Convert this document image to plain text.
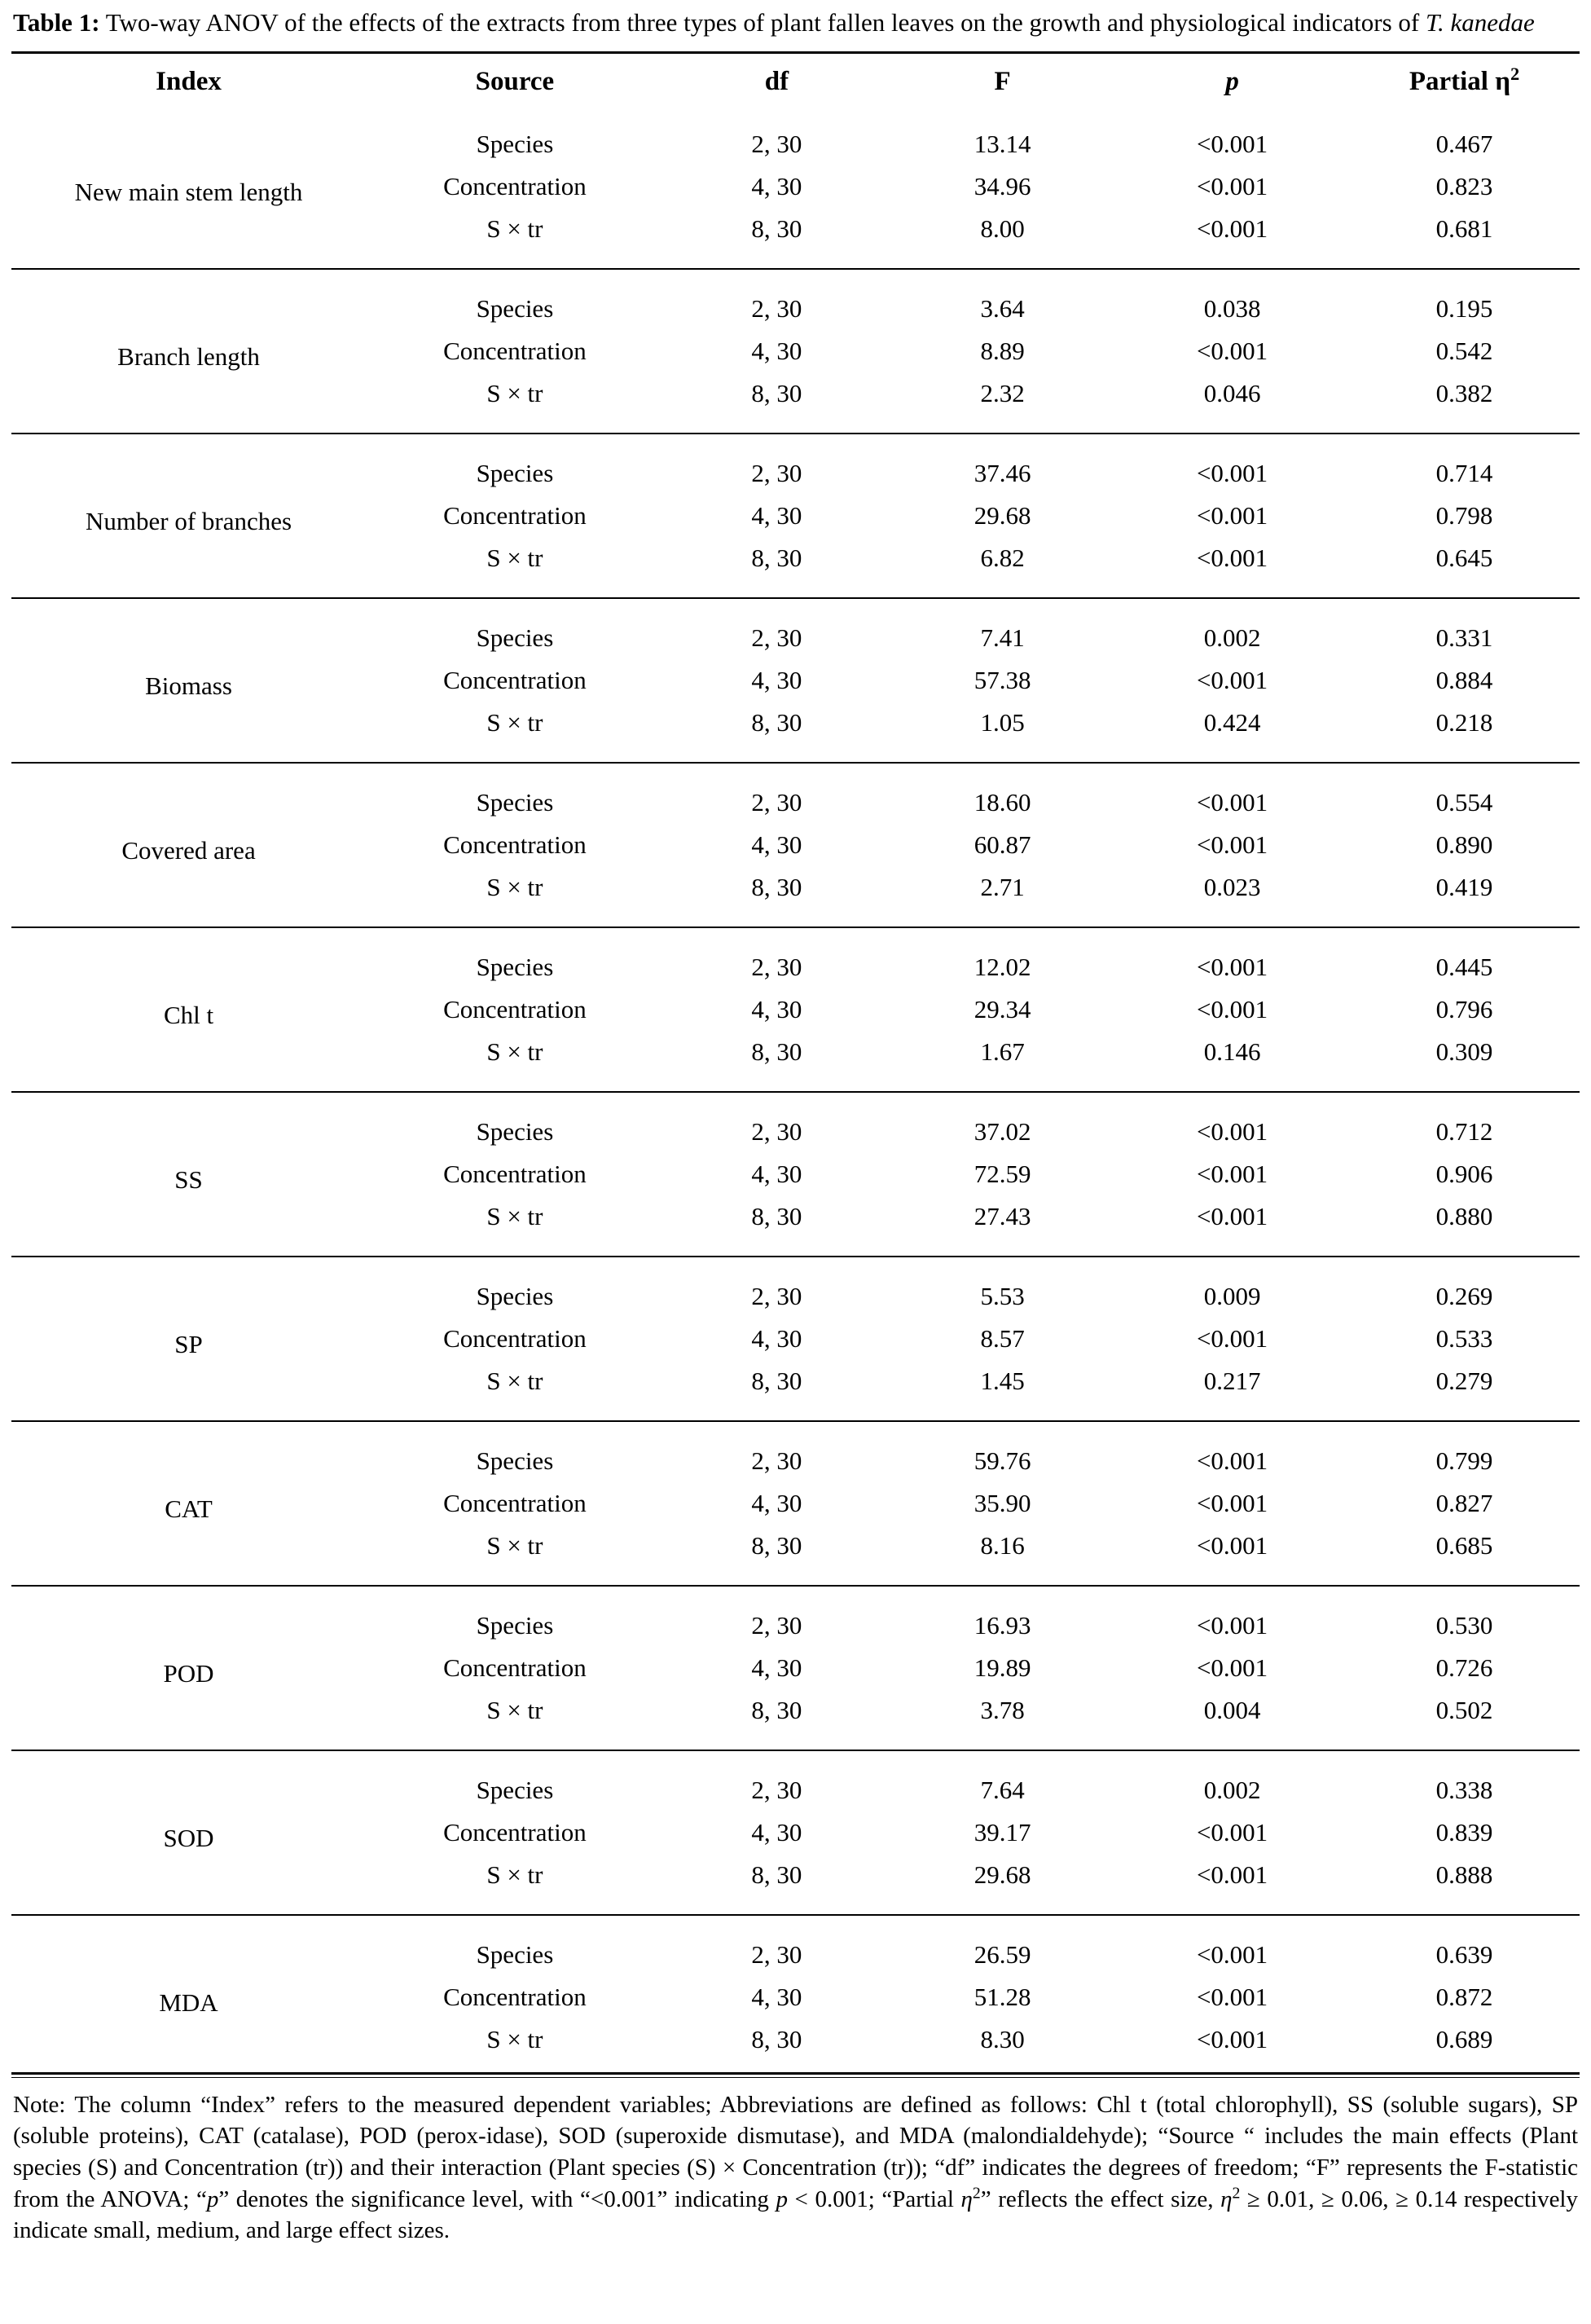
Table 1: Two-way ANOV of the effects of the extracts from three types of plant fallen leaves on the growth and physiological indicators of T. kanedae
Index	Source	df	F	p	Partial $\eta^2$
New main stem length	Species	2, 30	13.14	<0.001	0.467
	Concentration	4, 30	34.96	<0.001	0.823
	S × tr	8, 30	8.00	<0.001	0.681

Branch length	Species	2, 30	3.64	0.038	0.195
	Concentration	4, 30	8.89	<0.001	0.542
	S × tr	8, 30	2.32	0.046	0.382

Number of branches	Species	2, 30	37.46	<0.001	0.714
	Concentration	4, 30	29.68	<0.001	0.798
	S × tr	8, 30	6.82	<0.001	0.645

Biomass	Species	2, 30	7.41	0.002	0.331
	Concentration	4, 30	57.38	<0.001	0.884
	S × tr	8, 30	1.05	0.424	0.218

Covered area	Species	2, 30	18.60	<0.001	0.554
	Concentration	4, 30	60.87	<0.001	0.890
	S × tr	8, 30	2.71	0.023	0.419

Chl t	Species	2, 30	12.02	<0.001	0.445
	Concentration	4, 30	29.34	<0.001	0.796
	S × tr	8, 30	1.67	0.146	0.309

SS	Species	2, 30	37.02	<0.001	0.712
	Concentration	4, 30	72.59	<0.001	0.906
	S × tr	8, 30	27.43	<0.001	0.880

SP	Species	2, 30	5.53	0.009	0.269
	Concentration	4, 30	8.57	<0.001	0.533
	S × tr	8, 30	1.45	0.217	0.279

CAT	Species	2, 30	59.76	<0.001	0.799
	Concentration	4, 30	35.90	<0.001	0.827
	S × tr	8, 30	8.16	<0.001	0.685

POD	Species	2, 30	16.93	<0.001	0.530
	Concentration	4, 30	19.89	<0.001	0.726
	S × tr	8, 30	3.78	0.004	0.502

SOD	Species	2, 30	7.64	0.002	0.338
	Concentration	4, 30	39.17	<0.001	0.839
	S × tr	8, 30	29.68	<0.001	0.888

MDA	Species	2, 30	26.59	<0.001	0.639
	Concentration	4, 30	51.28	<0.001	0.872
	S × tr	8, 30	8.30	<0.001	0.689
Note: The column “Index” refers to the measured dependent variables; Abbreviations are defined as follows: Chl t (total chlorophyll), SS (soluble sugars), SP (soluble proteins), CAT (catalase), POD (perox-idase), SOD (superoxide dismutase), and MDA (malondialdehyde); “Source “ includes the main effects (Plant species (S) and Concentration (tr)) and their interaction (Plant species (S) × Concentration (tr)); “df” indicates the degrees of freedom; “F” represents the F-statistic from the ANOVA; “p” denotes the significance level, with “<0.001” indicating p < 0.001; “Partial $\eta^2$” reflects the effect size, $\eta^2 \ge 0.01$, ≥ 0.06, ≥ 0.14 respectively indicate small, medium, and large effect sizes.
